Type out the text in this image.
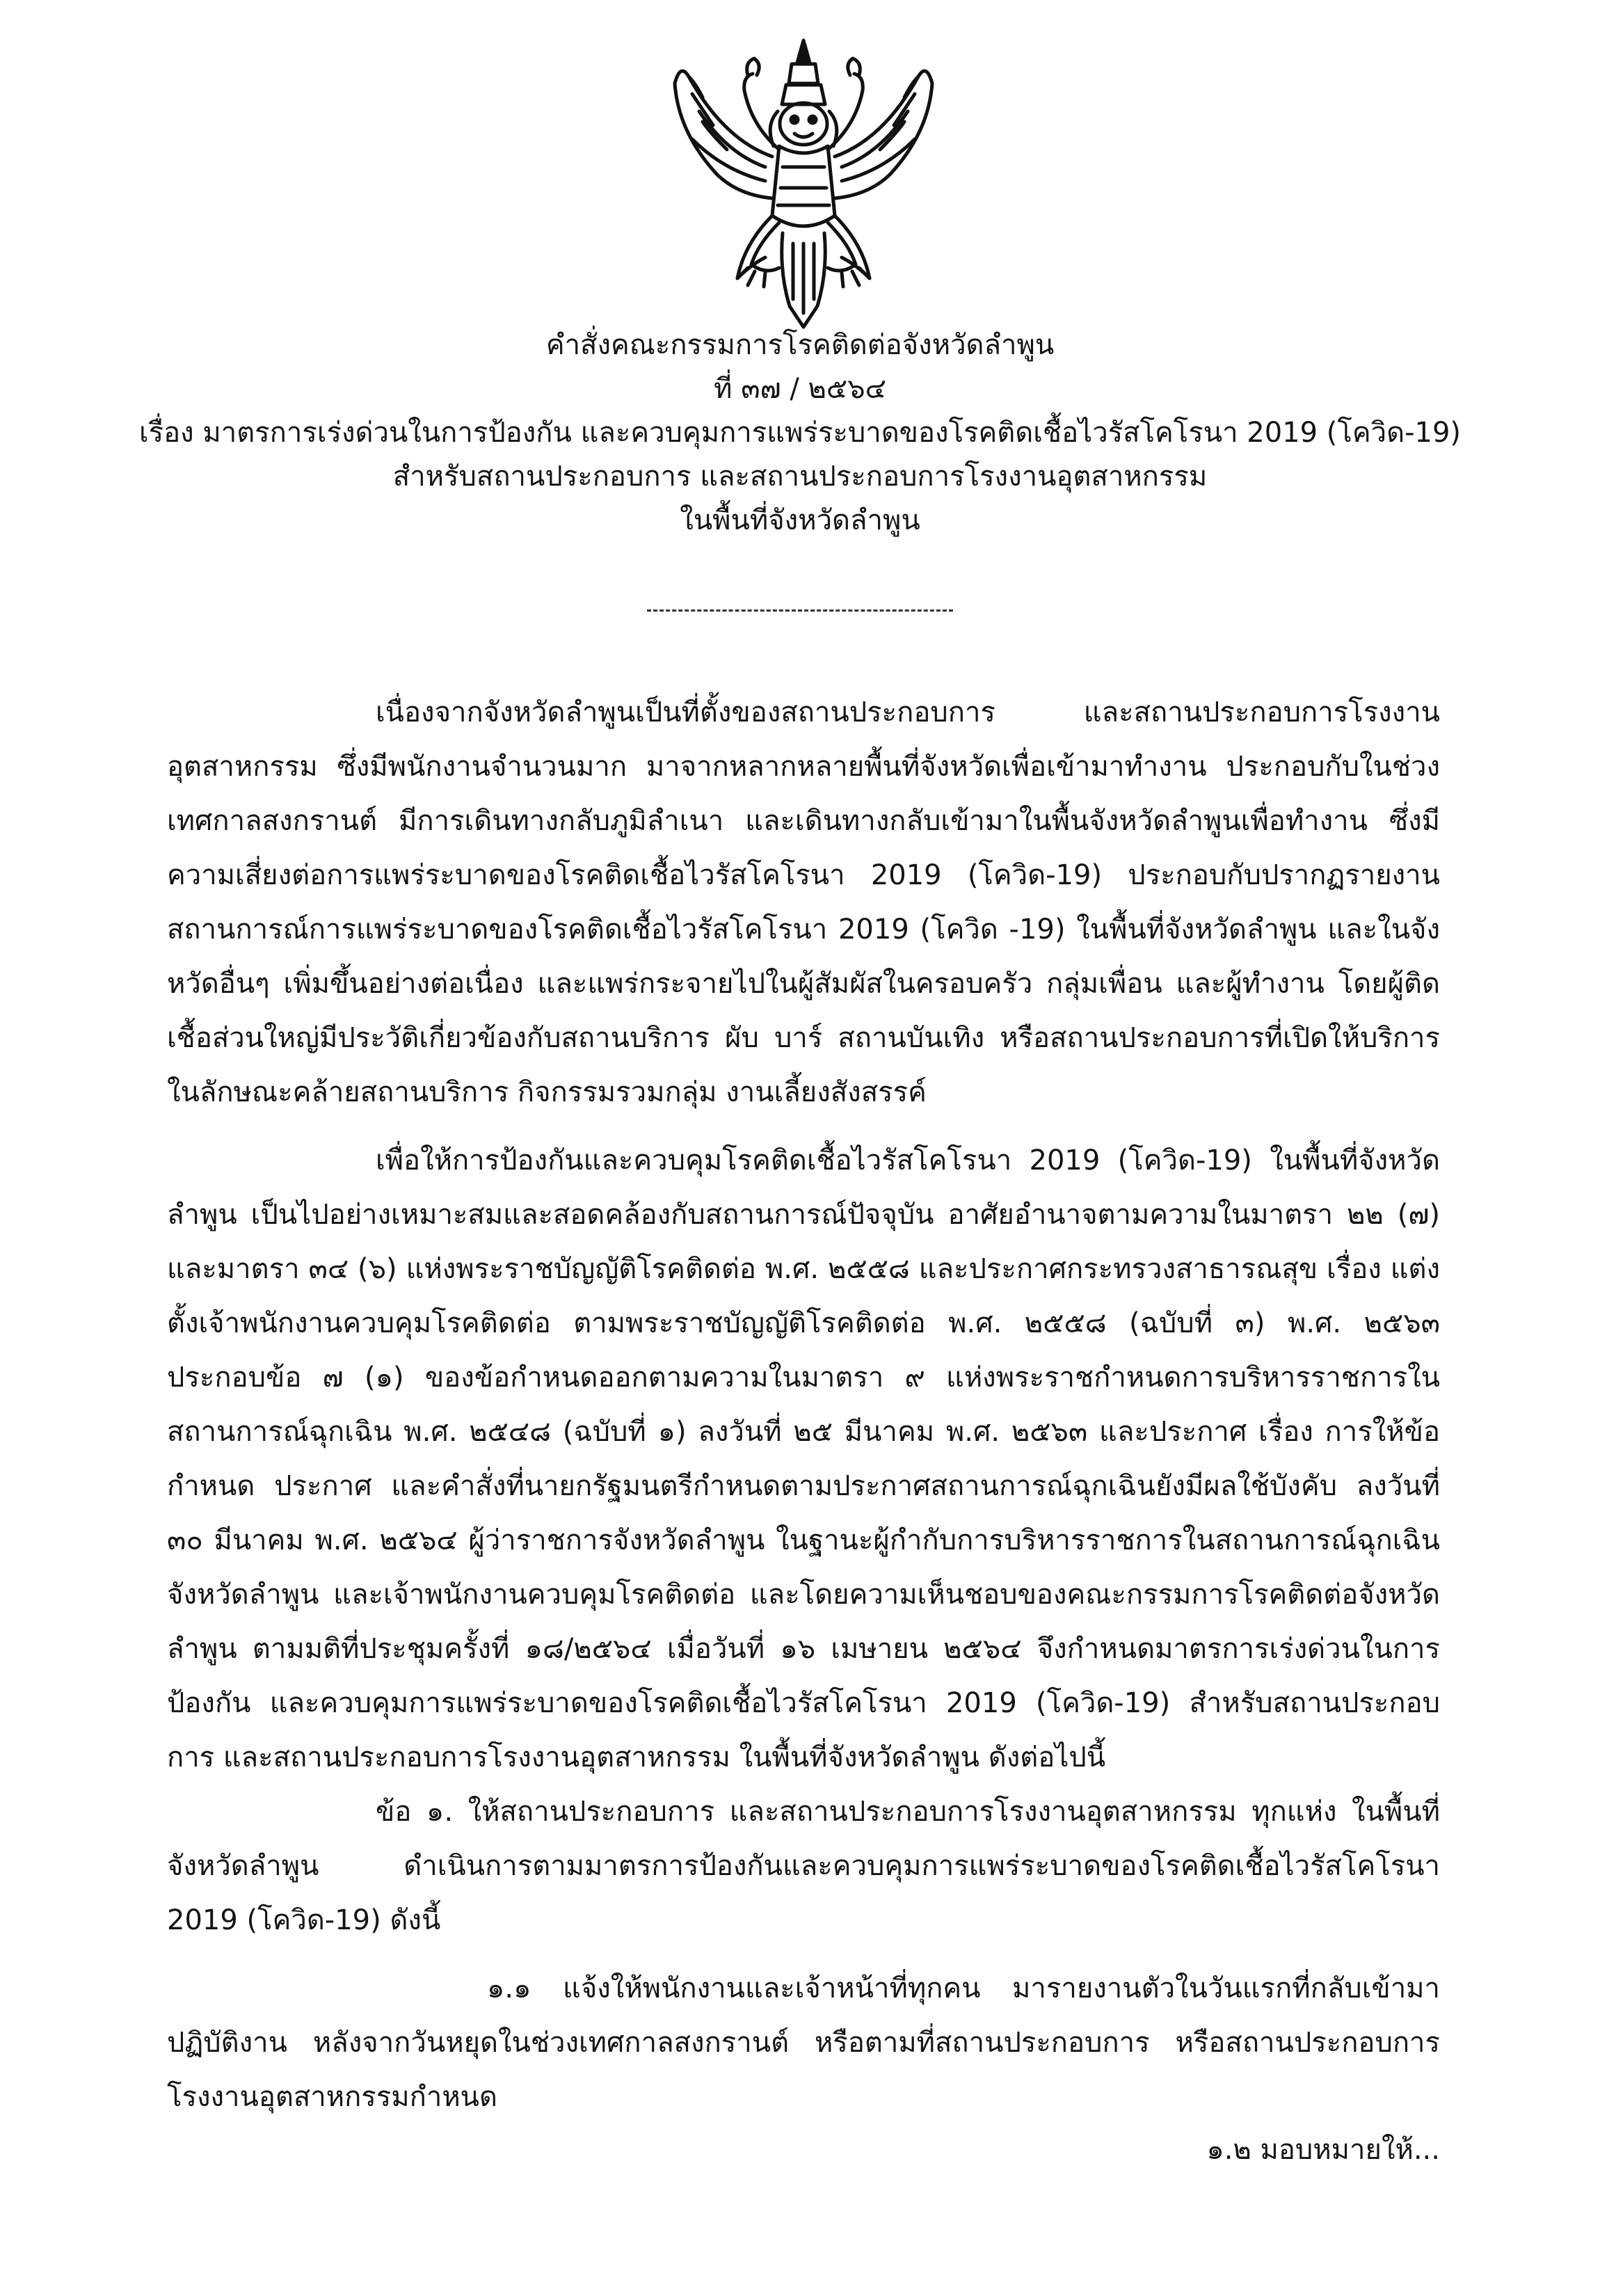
คำสั่งคณะกรรมการโรคติดต่อจังหวัดลำพูน
ที่ ๓๗ / ๒๕๖๔
เรื่อง มาตรการเร่งด่วนในการป้องกัน และควบคุมการแพร่ระบาดของโรคติดเชื้อไวรัสโคโรนา 2019 (โควิด-19)
สำหรับสถานประกอบการ และสถานประกอบการโรงงานอุตสาหกรรม
ในพื้นที่จังหวัดลำพูน

เนื่องจากจังหวัดลำพูนเป็นที่ตั้งของสถานประกอบการ และสถานประกอบการโรงงานอุตสาหกรรม ซึ่งมีพนักงานจำนวนมาก มาจากหลากหลายพื้นที่จังหวัดเพื่อเข้ามาทำงาน ประกอบกับในช่วงเทศกาลสงกรานต์ มีการเดินทางกลับภูมิลำเนา และเดินทางกลับเข้ามาในพื้นจังหวัดลำพูนเพื่อทำงาน ซึ่งมีความเสี่ยงต่อการแพร่ระบาดของโรคติดเชื้อไวรัสโคโรนา 2019 (โควิด-19) ประกอบกับปรากฏรายงานสถานการณ์การแพร่ระบาดของโรคติดเชื้อไวรัสโคโรนา 2019 (โควิด -19) ในพื้นที่จังหวัดลำพูน และในจังหวัดอื่นๆ เพิ่มขึ้นอย่างต่อเนื่อง และแพร่กระจายไปในผู้สัมผัสในครอบครัว กลุ่มเพื่อน และผู้ทำงาน โดยผู้ติดเชื้อส่วนใหญ่มีประวัติเกี่ยวข้องกับสถานบริการ ผับ บาร์ สถานบันเทิง หรือสถานประกอบการที่เปิดให้บริการในลักษณะคล้ายสถานบริการ กิจกรรมรวมกลุ่ม งานเลี้ยงสังสรรค์

เพื่อให้การป้องกันและควบคุมโรคติดเชื้อไวรัสโคโรนา 2019 (โควิด-19) ในพื้นที่จังหวัดลำพูน เป็นไปอย่างเหมาะสมและสอดคล้องกับสถานการณ์ปัจจุบัน อาศัยอำนาจตามความในมาตรา ๒๒ (๗) และมาตรา ๓๔ (๖) แห่งพระราชบัญญัติโรคติดต่อ พ.ศ. ๒๕๕๘ และประกาศกระทรวงสาธารณสุข เรื่อง แต่งตั้งเจ้าพนักงานควบคุมโรคติดต่อ ตามพระราชบัญญัติโรคติดต่อ พ.ศ. ๒๕๕๘ (ฉบับที่ ๓) พ.ศ. ๒๕๖๓ ประกอบข้อ ๗ (๑) ของข้อกำหนดออกตามความในมาตรา ๙ แห่งพระราชกำหนดการบริหารราชการในสถานการณ์ฉุกเฉิน พ.ศ. ๒๕๔๘ (ฉบับที่ ๑) ลงวันที่ ๒๕ มีนาคม พ.ศ. ๒๕๖๓ และประกาศ เรื่อง การให้ข้อกำหนด ประกาศ และคำสั่งที่นายกรัฐมนตรีกำหนดตามประกาศสถานการณ์ฉุกเฉินยังมีผลใช้บังคับ ลงวันที่ ๓๐ มีนาคม พ.ศ. ๒๕๖๔ ผู้ว่าราชการจังหวัดลำพูน ในฐานะผู้กำกับการบริหารราชการในสถานการณ์ฉุกเฉินจังหวัดลำพูน และเจ้าพนักงานควบคุมโรคติดต่อ และโดยความเห็นชอบของคณะกรรมการโรคติดต่อจังหวัดลำพูน ตามมติที่ประชุมครั้งที่ ๑๘/๒๕๖๔ เมื่อวันที่ ๑๖ เมษายน ๒๕๖๔ จึงกำหนดมาตรการเร่งด่วนในการป้องกัน และควบคุมการแพร่ระบาดของโรคติดเชื้อไวรัสโคโรนา 2019 (โควิด-19) สำหรับสถานประกอบการ และสถานประกอบการโรงงานอุตสาหกรรม ในพื้นที่จังหวัดลำพูน ดังต่อไปนี้

ข้อ ๑. ให้สถานประกอบการ และสถานประกอบการโรงงานอุตสาหกรรม ทุกแห่ง ในพื้นที่จังหวัดลำพูน ดำเนินการตามมาตรการป้องกันและควบคุมการแพร่ระบาดของโรคติดเชื้อไวรัสโคโรนา 2019 (โควิด-19) ดังนี้

๑.๑ แจ้งให้พนักงานและเจ้าหน้าที่ทุกคน มารายงานตัวในวันแรกที่กลับเข้ามาปฏิบัติงาน หลังจากวันหยุดในช่วงเทศกาลสงกรานต์ หรือตามที่สถานประกอบการ หรือสถานประกอบการโรงงานอุตสาหกรรมกำหนด

๑.๒ มอบหมายให้...
